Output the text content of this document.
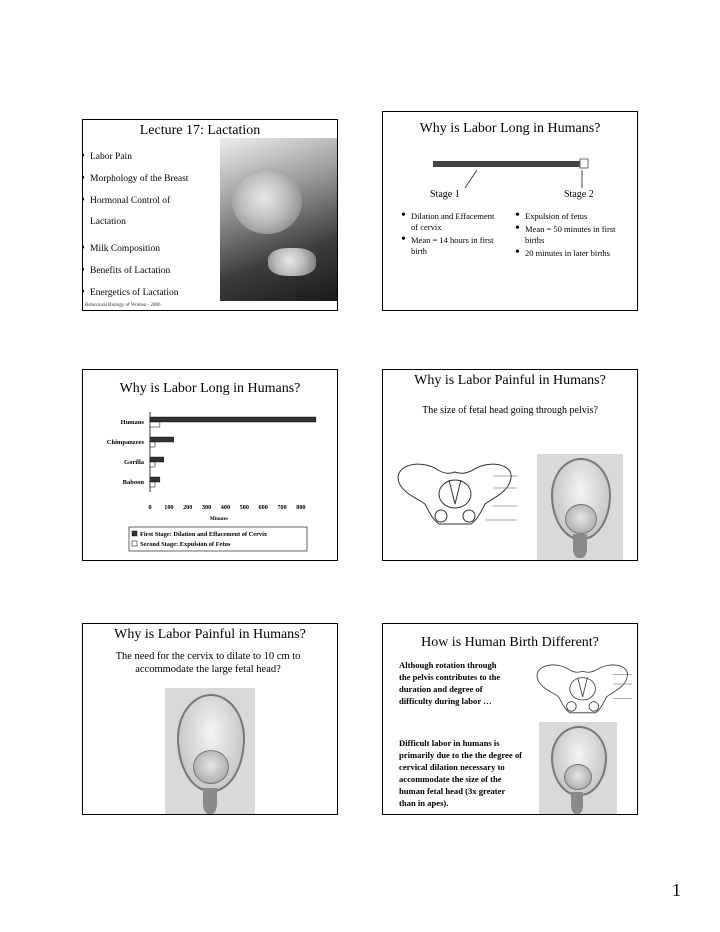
Lecture 17: Lactation
• Labor Pain
• Morphology of the Breast
• Hormonal Control of Lactation
• Milk Composition
• Benefits of Lactation
• Energetics of Lactation
Behavioral Biology of Women - 2006
Why is Labor Long in Humans?
Stage 1	Stage 2
• Dilation and Effacement of cervix
• Mean = 14 hours in first birth
• Expulsion of fetus
• Mean = 50 minutes in first births
• 20 minutes in later births
Why is Labor Long in Humans?
Humans
Chimpanzees
Gorilla
Baboon
0 100 200 300 400 500 600 700 800
Minutes
First Stage: Dilation and Effacement of Cervix
Second Stage: Expulsion of Fetus
Why is Labor Painful in Humans?
The size of fetal head going through pelvis?
Why is Labor Painful in Humans?
The need for the cervix to dilate to 10 cm to accommodate the large fetal head?
How is Human Birth Different?
Although rotation through the pelvis contributes to the duration and degree of difficulty during labor …
Difficult labor in humans is primarily due to the the degree of cervical dilation necessary to accommodate the size of the human fetal head (3x greater than in apes).
1
